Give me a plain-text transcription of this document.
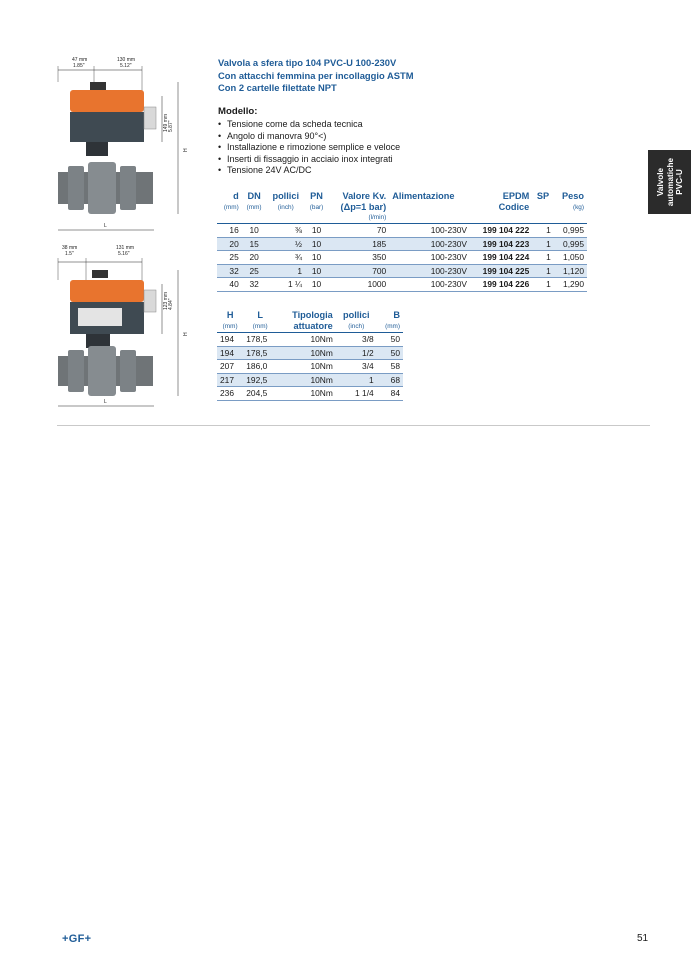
47 mm
1.85"
130 mm
5.12"
149 mm 5.87"
H
L
38 mm
1.5"
131 mm
5.16"
123 mm 4.84"
H
L
Valvola a sfera tipo 104 PVC-U 100-230V
Con attacchi femmina per incollaggio ASTM
Con 2 cartelle filettate NPT
Modello:
• Tensione come da scheda tecnica
• Angolo di manovra 90°<)
• Installazione e rimozione semplice e veloce
• Inserti di fissaggio in acciaio inox integrati
• Tensione 24V AC/DC	Valvole automatiche PVC-U
d	DN	pollici	PN	Valore Kv.	Alimentazione	EPDM	SP	Peso
(mm)	(mm)	(inch)	(bar)	(Δp=1 bar)		Codice		(kg)
				(l/min)				

16	10	⅜	10	70	100-230V	199 104 222	1	0,995
20	15	½	10	185	100-230V	199 104 223	1	0,995
25	20	¾	10	350	100-230V	199 104 224	1	1,050
32	25	1	10	700	100-230V	199 104 225	1	1,120
40	32	1 ¼	10	1000	100-230V	199 104 226	1	1,290
H	L	Tipologia	pollici	B
(mm)	(mm)	attuatore	(inch)	(mm)

194	178,5	10Nm	3/8	50
194	178,5	10Nm	1/2	50
207	186,0	10Nm	3/4	58
217	192,5	10Nm	1	68
236	204,5	10Nm	1 1/4	84
+GF+	51
